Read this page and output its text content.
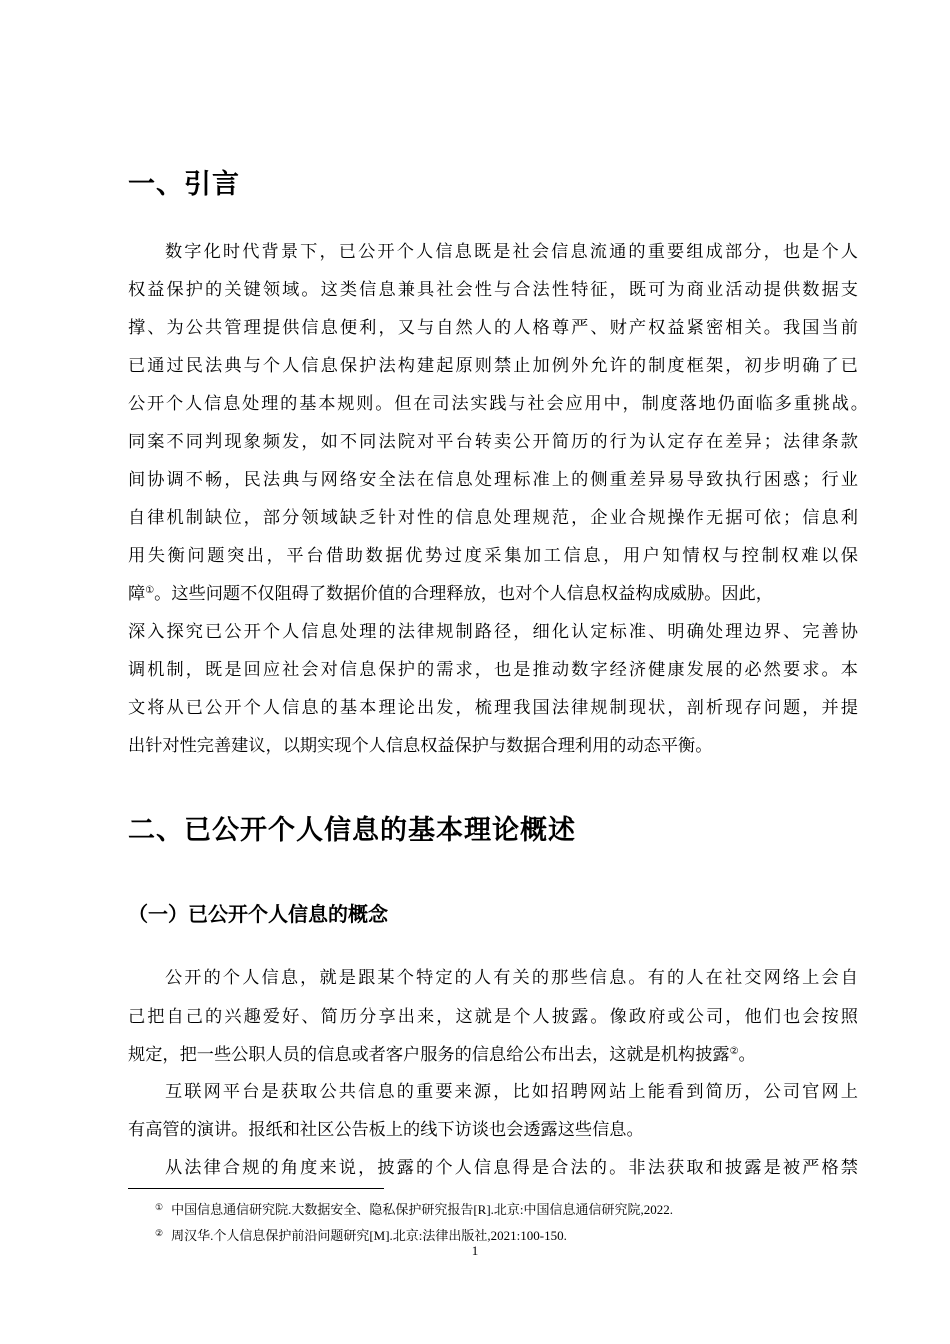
一、引言

数字化时代背景下，已公开个人信息既是社会信息流通的重要组成部分，也是个人

权益保护的关键领域。这类信息兼具社会性与合法性特征，既可为商业活动提供数据支

撑、为公共管理提供信息便利，又与自然人的人格尊严、财产权益紧密相关。我国当前

已通过民法典与个人信息保护法构建起原则禁止加例外允许的制度框架，初步明确了已

公开个人信息处理的基本规则。但在司法实践与社会应用中，制度落地仍面临多重挑战。

同案不同判现象频发，如不同法院对平台转卖公开简历的行为认定存在差异；法律条款

间协调不畅，民法典与网络安全法在信息处理标准上的侧重差异易导致执行困惑；行业

自律机制缺位，部分领域缺乏针对性的信息处理规范，企业合规操作无据可依；信息利

用失衡问题突出，平台借助数据优势过度采集加工信息，用户知情权与控制权难以保

障①。这些问题不仅阻碍了数据价值的合理释放，也对个人信息权益构成威胁。因此，

深入探究已公开个人信息处理的法律规制路径，细化认定标准、明确处理边界、完善协

调机制，既是回应社会对信息保护的需求，也是推动数字经济健康发展的必然要求。本

文将从已公开个人信息的基本理论出发，梳理我国法律规制现状，剖析现存问题，并提

出针对性完善建议，以期实现个人信息权益保护与数据合理利用的动态平衡。

二、已公开个人信息的基本理论概述
（一）已公开个人信息的概念

公开的个人信息，就是跟某个特定的人有关的那些信息。有的人在社交网络上会自

己把自己的兴趣爱好、简历分享出来，这就是个人披露。像政府或公司，他们也会按照

规定，把一些公职人员的信息或者客户服务的信息给公布出去，这就是机构披露②。

互联网平台是获取公共信息的重要来源，比如招聘网站上能看到简历，公司官网上

有高管的演讲。报纸和社区公告板上的线下访谈也会透露这些信息。

从法律合规的角度来说，披露的个人信息得是合法的。非法获取和披露是被严格禁

① 中国信息通信研究院.大数据安全、隐私保护研究报告[R].北京:中国信息通信研究院,2022.

② 周汉华.个人信息保护前沿问题研究[M].北京:法律出版社,2021:100-150.

1
